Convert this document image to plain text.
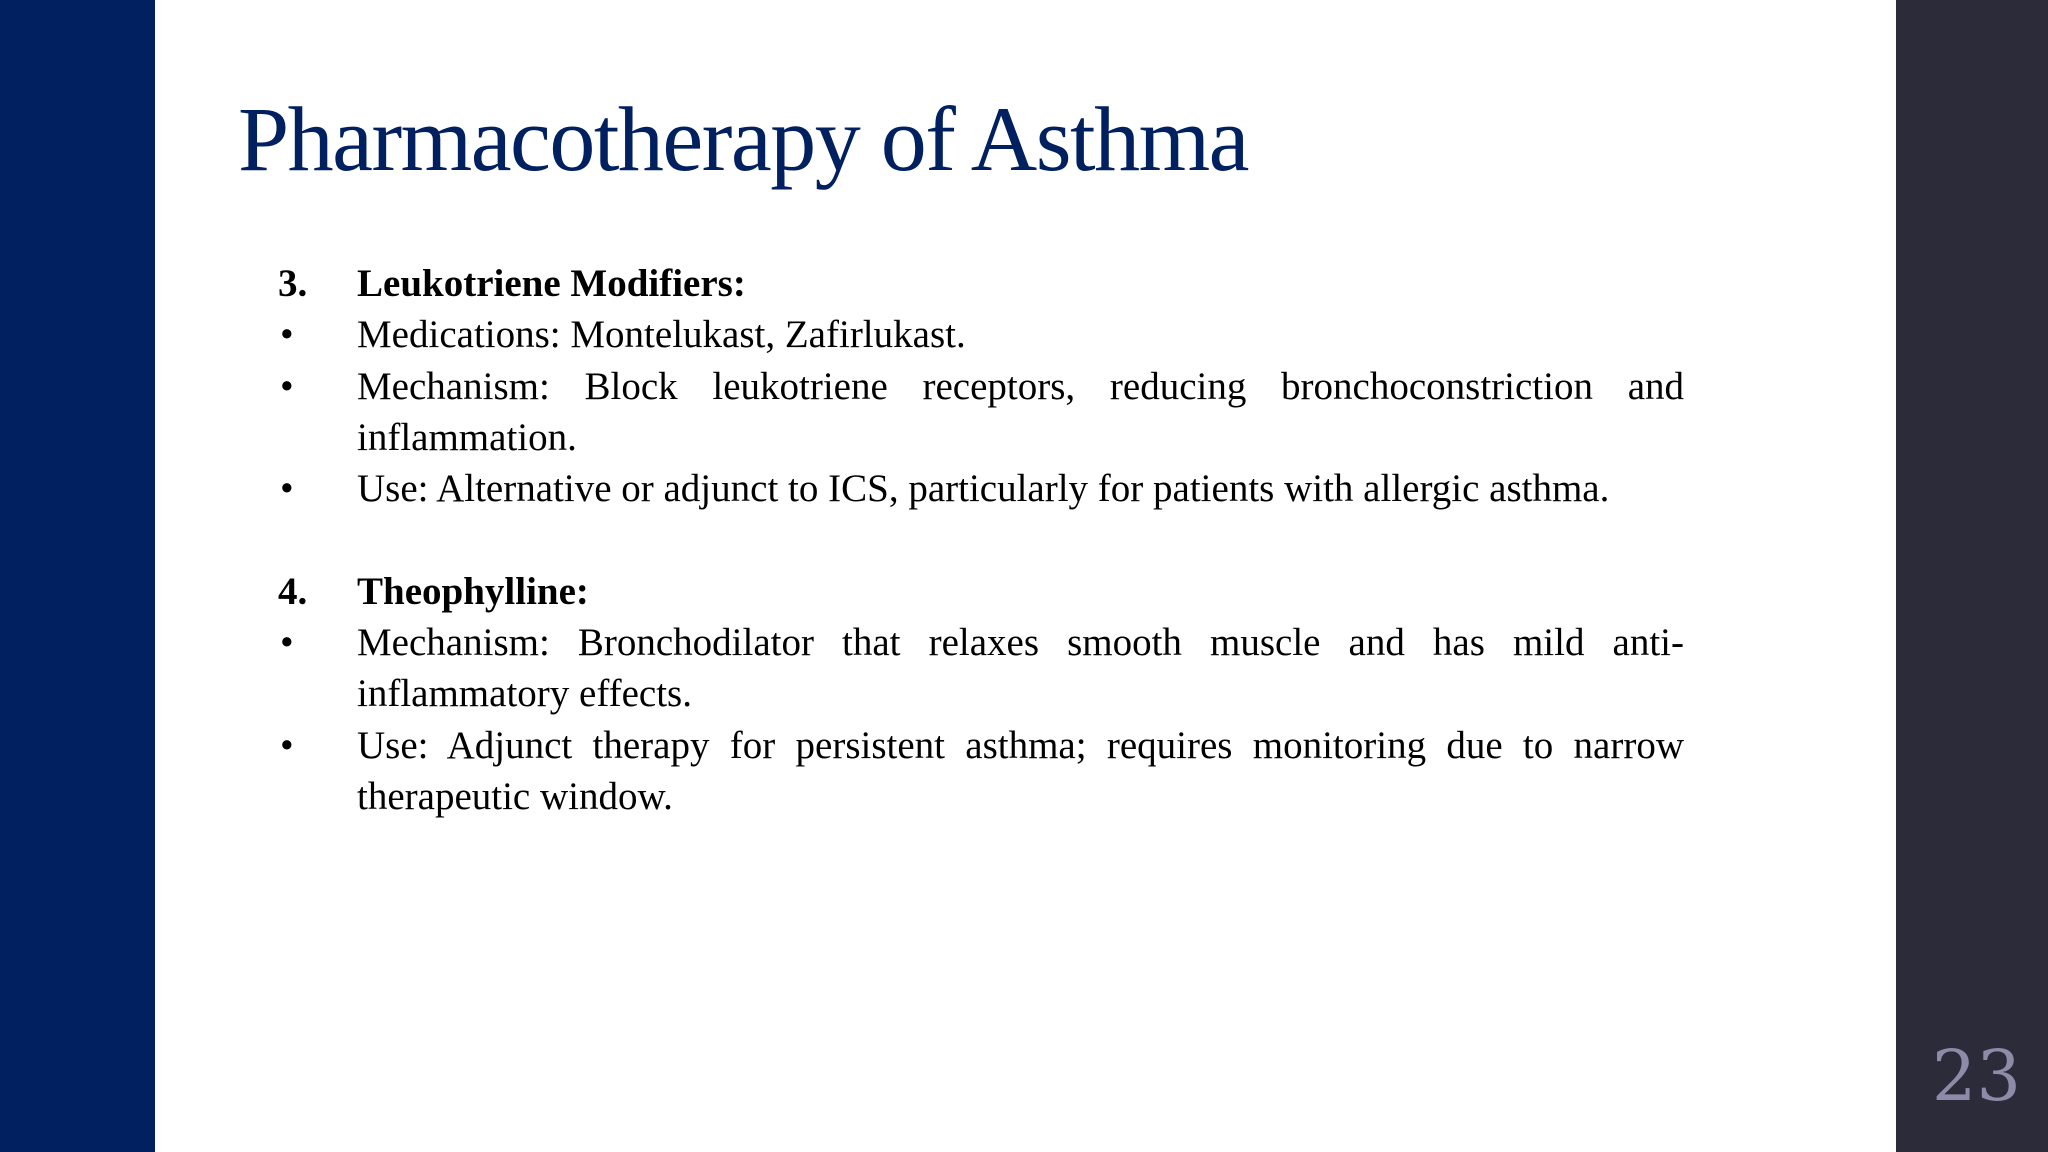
Pharmacotherapy of Asthma
3.	Leukotriene Modifiers:
•	Medications: Montelukast, Zafirlukast.
•	Mechanism: Block leukotriene receptors, reducing bronchoconstriction and inflammation.
•	Use: Alternative or adjunct to ICS, particularly for patients with allergic asthma.
4.	Theophylline:
•	Mechanism: Bronchodilator that relaxes smooth muscle and has mild anti-inflammatory effects.
•	Use: Adjunct therapy for persistent asthma; requires monitoring due to narrow therapeutic window.
23
